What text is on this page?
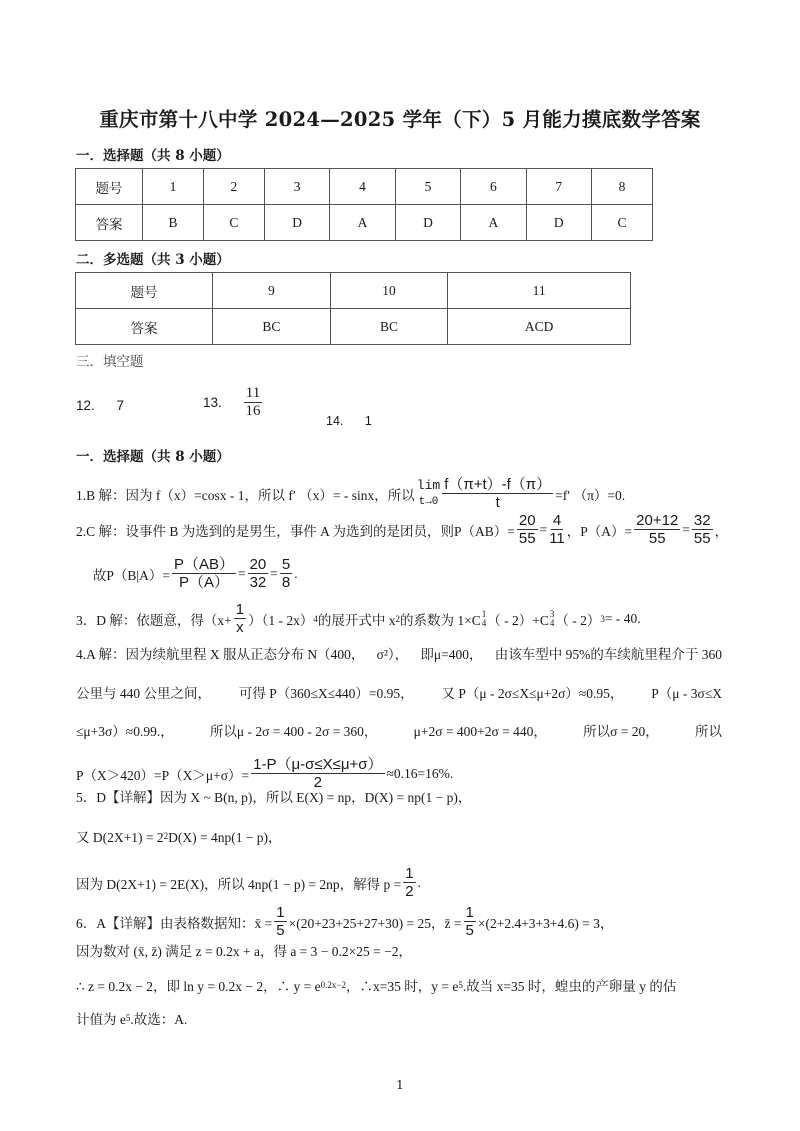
重庆市第十八中学 2024—2025 学年（下）5 月能力摸底数学答案
一．选择题（共 8 小题）
题号	1	2	3	4	5	6	7	8
答案	B	C	D	A	D	A	D	C
二．多选题（共 3 小题）
题号	9	10	11
答案	BC	BC	ACD
三．填空题
12. 7	13. $\frac{11}{16}$
14. 1
一．选择题（共 8 小题）
1.B 解：因为 f（x）=cosx - 1，所以 f′ （x）= - sinx，所以
lim
$t\to 0 \frac{f(\pi+t)-f(\pi)}{t} =f'$ （π）=0.
2.C 解：设事件 B 为选到的是男生，事件 A 为选到的是团员，则$P(AB)= \frac{20}{55} = \frac{4}{11}$ ，$P(A)= \frac{20+12}{55} = \frac{32}{55}$ ，
　 故$P(B|A)= \frac{P(AB)}{P(A)} = \frac{20}{32} = \frac{5}{8}$ .
3．D 解：依题意，得$(x+ \frac{1}{x} )(1 - 2x)$ 4 的展开式中 x 2 的系数为 1×C 1
4 （ - 2）+C 3
4 （ - 2） 3 = - 40.
4.A 解：因为续航里程 X 服从正态分布 N（400， σ²）， 即μ=400， 由该车型中 95%的车续航里程介于 360
公里与 440 公里之间， 可得 P（360≤X≤440）=0.95， 又 P（μ - 2σ≤X≤μ+2σ）≈0.95， P（μ - 3σ≤X
≤μ+3σ）≈0.99.，	所以μ - 2σ = 400 - 2σ = 360，	μ+2σ = 400+2σ = 440，	所以σ = 20，	所以
$P(X>420)=P(X>\mu+\sigma)= \frac{1-P(\mu-\sigma\le X\le\mu+\sigma)}{2} \approx 0.16=16\%$.
5．D【详解】因为 X ~ B(n, p)，所以 E(X) = np，D(X) = np(1 − p)，
又 D(2X+1) = 2 2 D(X) = 4np(1 − p)，
因为 D(2X+1) = 2E(X)，所以 4np(1 − p) = 2np，解得 $p = \frac{1}{2}$ .
6．A【详解】由表格数据知：x̄ = $\frac{1}{5} \times(20+23+25+27+30) = 25$，z̄ = $\frac{1}{5} \times(2+2.4+3+3+4.6) = 3$，
因为数对 (x̄, z̄) 满足 z = 0.2x + a，得 a = 3 − 0.2×25 = −2，
∴ z = 0.2x − 2，即 ln y = 0.2x − 2，∴ y = e 0.2x−2 ，∴x=35 时，y = e 5 .故当 x=35 时，蝗虫的产卵量 y 的估
计值为 e 5 .故选：A.
1
